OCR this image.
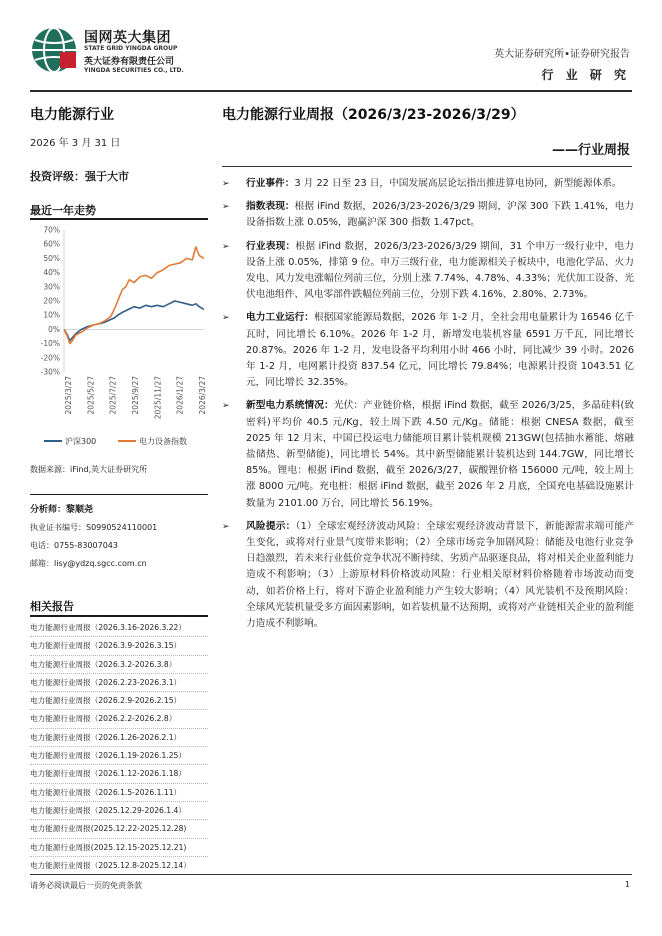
国网英大集团
STATE GRID YINGDA GROUP
英大证券有限责任公司
YINGDA SECURITIES CO., LTD.
英大证券研究所•证券研究报告
行 业 研 究
电力能源行业
2026 年 3 月 31 日
投资评级：强于大市
最近一年走势
70%
60%
50%
40%
30%
20%
10%
0%
-10%
-20%
-30%
2025/3/27 2025/5/27 2025/7/27 2025/9/27 2025/11/27 2026/1/27 2026/3/27
沪深300	电力设备指数
数据来源：iFind,英大证券研究所
分析师：黎顺尧
执业证书编号：S0990524110001
电话：0755-83007043
邮箱：lisy@ydzq.sgcc.com.cn
相关报告
电力能源行业周报（2026.3.16-2026.3.22）
电力能源行业周报（2026.3.9-2026.3.15）
电力能源行业周报（2026.3.2-2026.3.8）
电力能源行业周报（2026.2.23-2026.3.1）
电力能源行业周报（2026.2.9-2026.2.15）
电力能源行业周报（2026.2.2-2026.2.8）
电力能源行业周报（2026.1.26-2026.2.1）
电力能源行业周报（2026.1.19-2026.1.25）
电力能源行业周报（2026.1.12-2026.1.18）
电力能源行业周报（2026.1.5-2026.1.11）
电力能源行业周报（2025.12.29-2026.1.4）
电力能源行业周报(2025.12.22-2025.12.28)
电力能源行业周报(2025.12.15-2025.12.21)
电力能源行业周报（2025.12.8-2025.12.14）
电力能源行业周报（2026/3/23-2026/3/29）
——行业周报
➢ 行业事件：3 月 22 日至 23 日，中国发展高层论坛指出推进算电协同，新型能源体系。
➢ 指数表现：根据 iFind 数据，2026/3/23-2026/3/29 期间，沪深 300 下跌 1.41%，电力设备指数上涨 0.05%，跑赢沪深 300 指数 1.47pct。
➢ 行业表现：根据 iFind 数据，2026/3/23-2026/3/29 期间，31 个申万一级行业中，电力设备上涨 0.05%，排第 9 位。申万三级行业，电力能源相关子板块中，电池化学品、火力发电、风力发电涨幅位列前三位，分别上涨 7.74%、4.78%、4.33%；光伏加工设备、光伏电池组件、风电零部件跌幅位列前三位，分别下跌 4.16%、2.80%、2.73%。
➢ 电力工业运行：根据国家能源局数据，2026 年 1-2 月，全社会用电量累计为 16546 亿千瓦时，同比增长 6.10%。2026 年 1-2 月，新增发电装机容量 6591 万千瓦，同比增长 20.87%。2026 年 1-2 月，发电设备平均利用小时 466 小时，同比减少 39 小时。2026 年 1-2 月，电网累计投资 837.54 亿元，同比增长 79.84%；电源累计投资 1043.51 亿元，同比增长 32.35%。
➢ 新型电力系统情况：光伏：产业链价格，根据 iFind 数据，截至 2026/3/25，多晶硅料(致密料)平均价 40.5 元/Kg，较上周下跌 4.50 元/Kg。储能：根据 CNESA 数据，截至 2025 年 12 月末，中国已投运电力储能项目累计装机规模 213GW(包括抽水蓄能、熔融盐储热、新型储能)，同比增长 54%。其中新型储能累计装机达到 144.7GW，同比增长 85%。锂电：根据 iFind 数据，截至 2026/3/27，碳酸锂价格 156000 元/吨，较上周上涨 8000 元/吨。充电桩：根据 iFind 数据，截至 2026 年 2 月底，全国充电基础设施累计数量为 2101.00 万台，同比增长 56.19%。
➢ 风险提示：（1）全球宏观经济波动风险：全球宏观经济波动背景下，新能源需求端可能产生变化，或将对行业景气度带来影响；（2）全球市场竞争加剧风险：储能及电池行业竞争日趋激烈，若未来行业低价竞争状况不断持续、劣质产品驱逐良品，将对相关企业盈利能力造成不利影响；（3）上游原材料价格波动风险：行业相关原材料价格随着市场波动而变动，如若价格上行，将对下游企业盈利能力产生较大影响；（4）风光装机不及预期风险：全球风光装机量受多方面因素影响，如若装机量不达预期，或将对产业链相关企业的盈利能力造成不利影响。
请务必阅读最后一页的免责条款	1
